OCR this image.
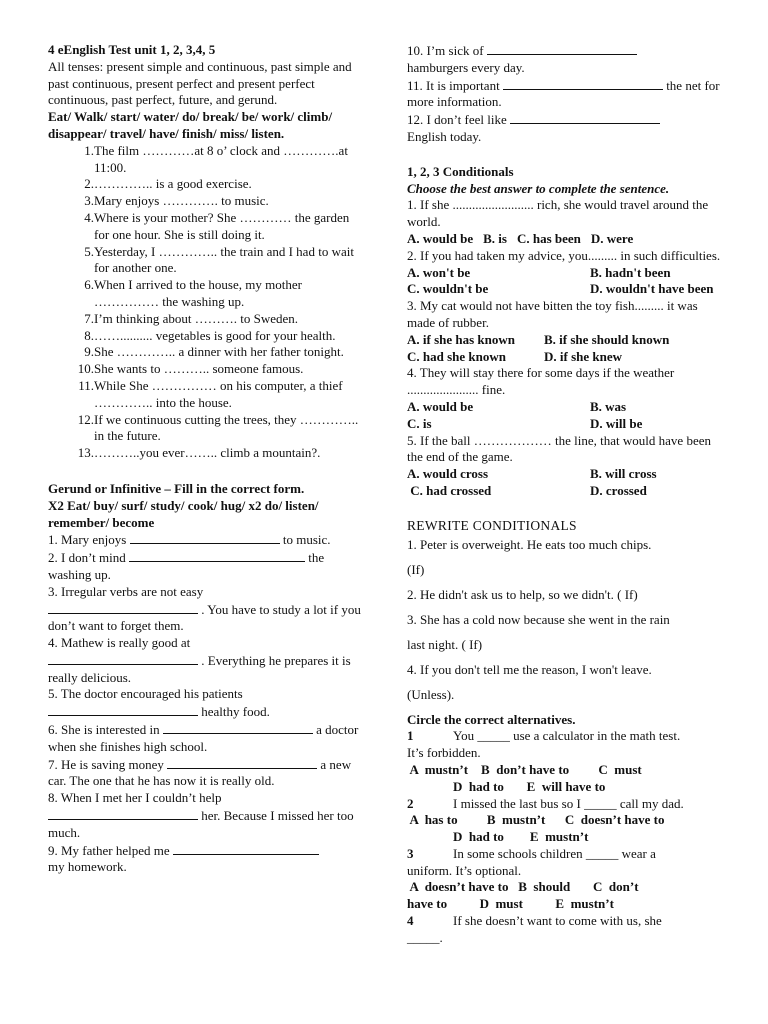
4 eEnglish Test unit 1, 2, 3,4, 5

All tenses: present simple and continuous, past simple and past continuous, present perfect and present perfect continuous, past perfect, future, and gerund.

Eat/ Walk/ start/ water/ do/ break/ be/ work/ climb/ disappear/ travel/ have/ finish/ miss/ listen.

1.
The film …………at 8 o’ clock and ………….at 11:00.
2.
………….. is a good exercise.
3.
Mary enjoys …………. to music.
4.
Where is your mother? She ………… the garden for one hour. She is still doing it.
5.
Yesterday, I ………….. the train and I had to wait for another one.
6.
When I arrived to the house, my mother …………… the washing up.
7.
I’m thinking about ………. to Sweden.
8.
…….......... vegetables is good for your health.
9.
She ………….. a dinner with her father tonight.
10.
She wants to ……….. someone famous.
11.
While She …………… on his computer, a thief ………….. into the house.
12.
If we continuous cutting the trees, they ………….. in the future.
13.
………..you ever…….. climb a mountain?.

Gerund or Infinitive – Fill in the correct form.

X2 Eat/ buy/ surf/ study/ cook/ hug/ x2 do/ listen/ remember/ become

1. Mary enjoys	to music.

2. I don’t mind	the washing up.

3. Irregular verbs are not easy
. You have to study a lot if you don’t want to forget them.

4. Mathew is really good at
. Everything he prepares it is really delicious.

5. The doctor encouraged his patients
healthy food.

6. She is interested in	a doctor when she finishes high school.

7. He is saving money	a new car. The one that he has now it is really old.

8. When I met her I couldn’t help
her. Because I missed her too much.

9. My father helped me
my homework.

10. I’m sick of
hamburgers every day.

11. It is important	the net for more information.

12. I don’t feel like
English today.

1, 2, 3 Conditionals

Choose the best answer to complete the sentence.

1. If she ......................... rich, she would travel around the world.

A. would be B. is C. has been D. were

2. If you had taken my advice, you......... in such difficulties.

A. won't be	B. hadn't been
C. wouldn't be	D. wouldn't have been

3. My cat would not have bitten the toy fish......... it was made of rubber.

A. if she has known	B. if she should known
C. had she known	D. if she knew

4. They will stay there for some days if the weather ...................... fine.

A. would be	B. was
C. is	D. will be

5. If the ball ……………… the line, that would have been the end of the game.

A. would cross	B. will cross
C. had crossed	D. crossed

REWRITE CONDITIONALS

1. Peter is overweight. He eats too much chips.

(If)

2. He didn't ask us to help, so we didn't. ( If)

3. She has a cold now because she went in the rain

last night. ( If)

4. If you don't tell me the reason, I won't leave.

(Unless).

Circle the correct alternatives.

1	You _____ use a calculator in the math test.

It’s forbidden.

A  mustn’t    B  don’t have to         C  must

D  had to       E  will have to

2	I missed the last bus so I _____ call my dad.

A  has to         B  mustn’t      C  doesn’t have to

D  had to        E  mustn’t

3	In some schools children _____ wear a

uniform. It’s optional.

A  doesn’t have to   B  should       C  don’t

have to          D  must          E  mustn’t

4	If she doesn’t want to come with us, she

_____.
